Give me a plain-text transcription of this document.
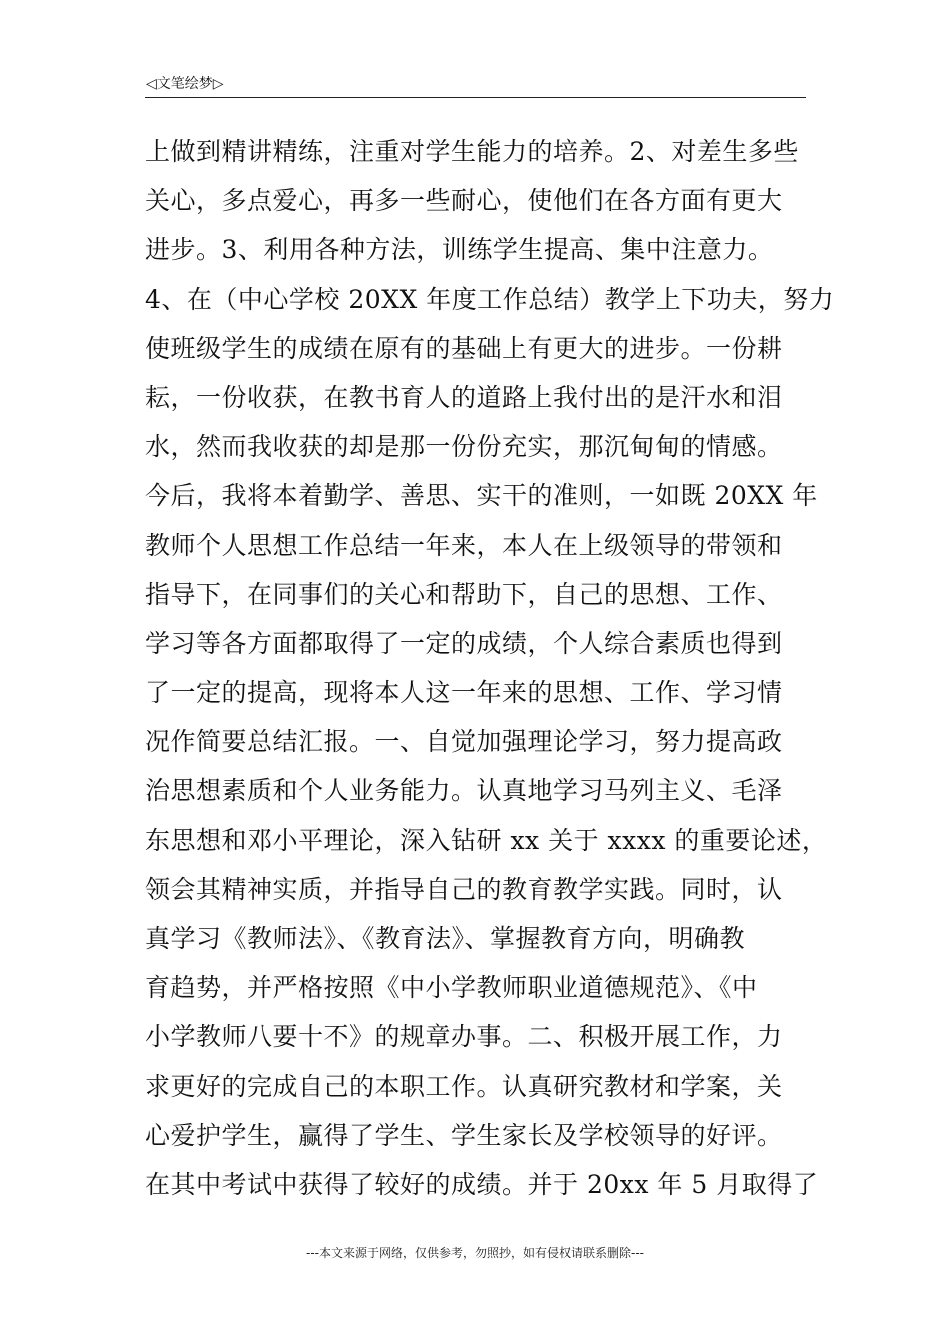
◁文笔绘梦▷
上做到精讲精练，注重对学生能力的培养。2、对差生多些
关心，多点爱心，再多一些耐心，使他们在各方面有更大
进步。3、利用各种方法，训练学生提高、集中注意力。
4、在（中心学校 20XX 年度工作总结）教学上下功夫，努力
使班级学生的成绩在原有的基础上有更大的进步。一份耕
耘，一份收获，在教书育人的道路上我付出的是汗水和泪
水，然而我收获的却是那一份份充实，那沉甸甸的情感。
今后，我将本着勤学、善思、实干的准则，一如既 20XX 年
教师个人思想工作总结一年来，本人在上级领导的带领和
指导下，在同事们的关心和帮助下，自己的思想、工作、
学习等各方面都取得了一定的成绩，个人综合素质也得到
了一定的提高，现将本人这一年来的思想、工作、学习情
况作简要总结汇报。一、自觉加强理论学习，努力提高政
治思想素质和个人业务能力。认真地学习马列主义、毛泽
东思想和邓小平理论，深入钻研 xx 关于 xxxx 的重要论述，
领会其精神实质，并指导自己的教育教学实践。同时，认
真学习《教师法》、《教育法》、掌握教育方向，明确教
育趋势，并严格按照《中小学教师职业道德规范》、《中
小学教师八要十不》的规章办事。二、积极开展工作，力
求更好的完成自己的本职工作。认真研究教材和学案，关
心爱护学生，赢得了学生、学生家长及学校领导的好评。
在其中考试中获得了较好的成绩。并于 20xx 年 5 月取得了
---本文来源于网络，仅供参考，勿照抄，如有侵权请联系删除---
